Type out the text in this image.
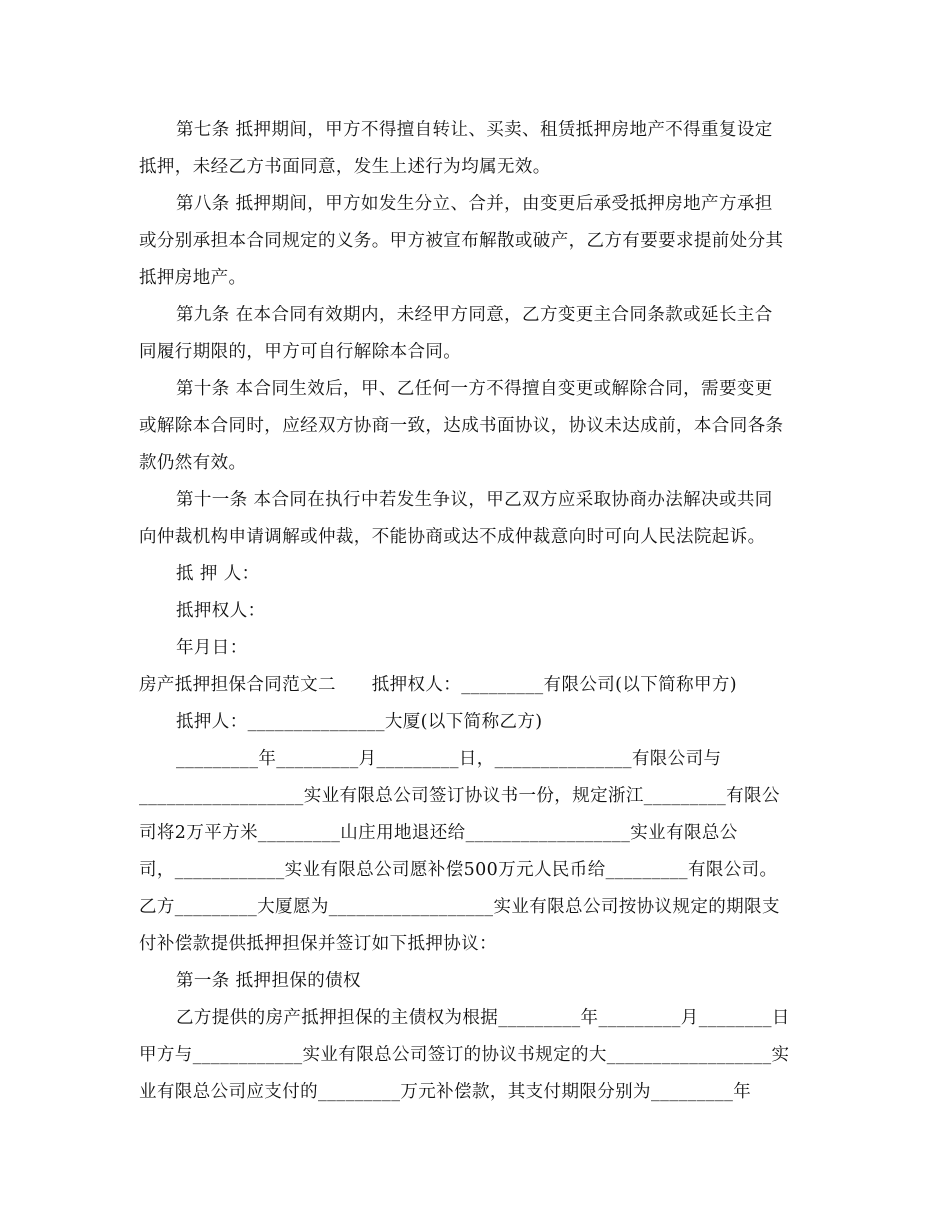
第七条 抵押期间，甲方不得擅自转让、买卖、租赁抵押房地产不得重复设定
抵押，未经乙方书面同意，发生上述行为均属无效。
第八条 抵押期间，甲方如发生分立、合并，由变更后承受抵押房地产方承担
或分别承担本合同规定的义务。甲方被宣布解散或破产，乙方有要要求提前处分其
抵押房地产。
第九条 在本合同有效期内，未经甲方同意，乙方变更主合同条款或延长主合
同履行期限的，甲方可自行解除本合同。
第十条 本合同生效后，甲、乙任何一方不得擅自变更或解除合同，需要变更
或解除本合同时，应经双方协商一致，达成书面协议，协议未达成前，本合同各条
款仍然有效。
第十一条 本合同在执行中若发生争议，甲乙双方应采取协商办法解决或共同
向仲裁机构申请调解或仲裁，不能协商或达不成仲裁意向时可向人民法院起诉。
抵 押 人：
抵押权人：
年月日：
房产抵押担保合同范文二　　抵押权人：_________有限公司(以下简称甲方)
抵押人：_______________大厦(以下简称乙方)
_________年_________月_________日，_______________有限公司与
__________________实业有限总公司签订协议书一份，规定浙江_________有限公
司将2万平方米_________山庄用地退还给__________________实业有限总公
司，____________实业有限总公司愿补偿500万元人民币给_________有限公司。
乙方_________大厦愿为__________________实业有限总公司按协议规定的期限支
付补偿款提供抵押担保并签订如下抵押协议：
第一条 抵押担保的债权
乙方提供的房产抵押担保的主债权为根据_________年_________月________日
甲方与____________实业有限总公司签订的协议书规定的大__________________实
业有限总公司应支付的_________万元补偿款，其支付期限分别为_________年
